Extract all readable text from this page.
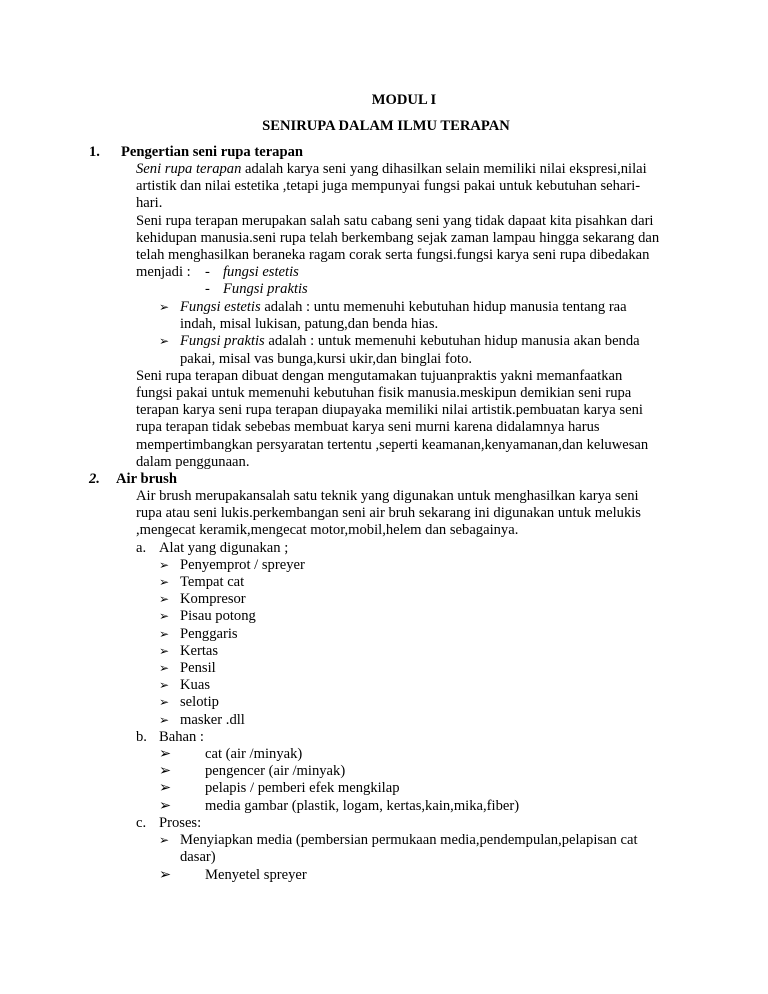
MODUL I
SENIRUPA DALAM ILMU TERAPAN
1. Pengertian seni rupa terapan
Seni rupa terapan adalah karya seni yang dihasilkan selain memiliki nilai ekspresi,nilai
artistik dan nilai estetika ,tetapi juga mempunyai fungsi pakai untuk kebutuhan sehari-
hari.
Seni rupa terapan merupakan salah satu cabang seni yang tidak dapaat kita pisahkan dari
kehidupan manusia.seni rupa telah berkembang sejak zaman lampau hingga sekarang dan
telah menghasilkan beraneka ragam corak serta fungsi.fungsi karya seni rupa dibedakan
menjadi : - fungsi estetis
- Fungsi praktis
➢ Fungsi estetis adalah : untu memenuhi kebutuhan hidup manusia tentang raa
indah, misal lukisan, patung,dan benda hias.
➢ Fungsi praktis adalah : untuk memenuhi kebutuhan hidup manusia akan benda
pakai, misal vas bunga,kursi ukir,dan binglai foto.
Seni rupa terapan dibuat dengan mengutamakan tujuanpraktis yakni memanfaatkan
fungsi pakai untuk memenuhi kebutuhan fisik manusia.meskipun demikian seni rupa
terapan karya seni rupa terapan diupayaka memiliki nilai artistik.pembuatan karya seni
rupa terapan tidak sebebas membuat karya seni murni karena didalamnya harus
mempertimbangkan persyaratan tertentu ,seperti keamanan,kenyamanan,dan keluwesan
dalam penggunaan.
2. Air brush
Air brush merupakansalah satu teknik yang digunakan untuk menghasilkan karya seni
rupa atau seni lukis.perkembangan seni air bruh sekarang ini digunakan untuk melukis
,mengecat keramik,mengecat motor,mobil,helem dan sebagainya.
a. Alat yang digunakan ;
➢ Penyemprot / spreyer
➢ Tempat cat
➢ Kompresor
➢ Pisau potong
➢ Penggaris
➢ Kertas
➢ Pensil
➢ Kuas
➢ selotip
➢ masker .dll
b. Bahan :
➢ cat (air /minyak)
➢ pengencer (air /minyak)
➢ pelapis / pemberi efek mengkilap
➢ media gambar (plastik, logam, kertas,kain,mika,fiber)
c. Proses:
➢ Menyiapkan media (pembersian permukaan media,pendempulan,pelapisan cat
dasar)
➢ Menyetel spreyer
